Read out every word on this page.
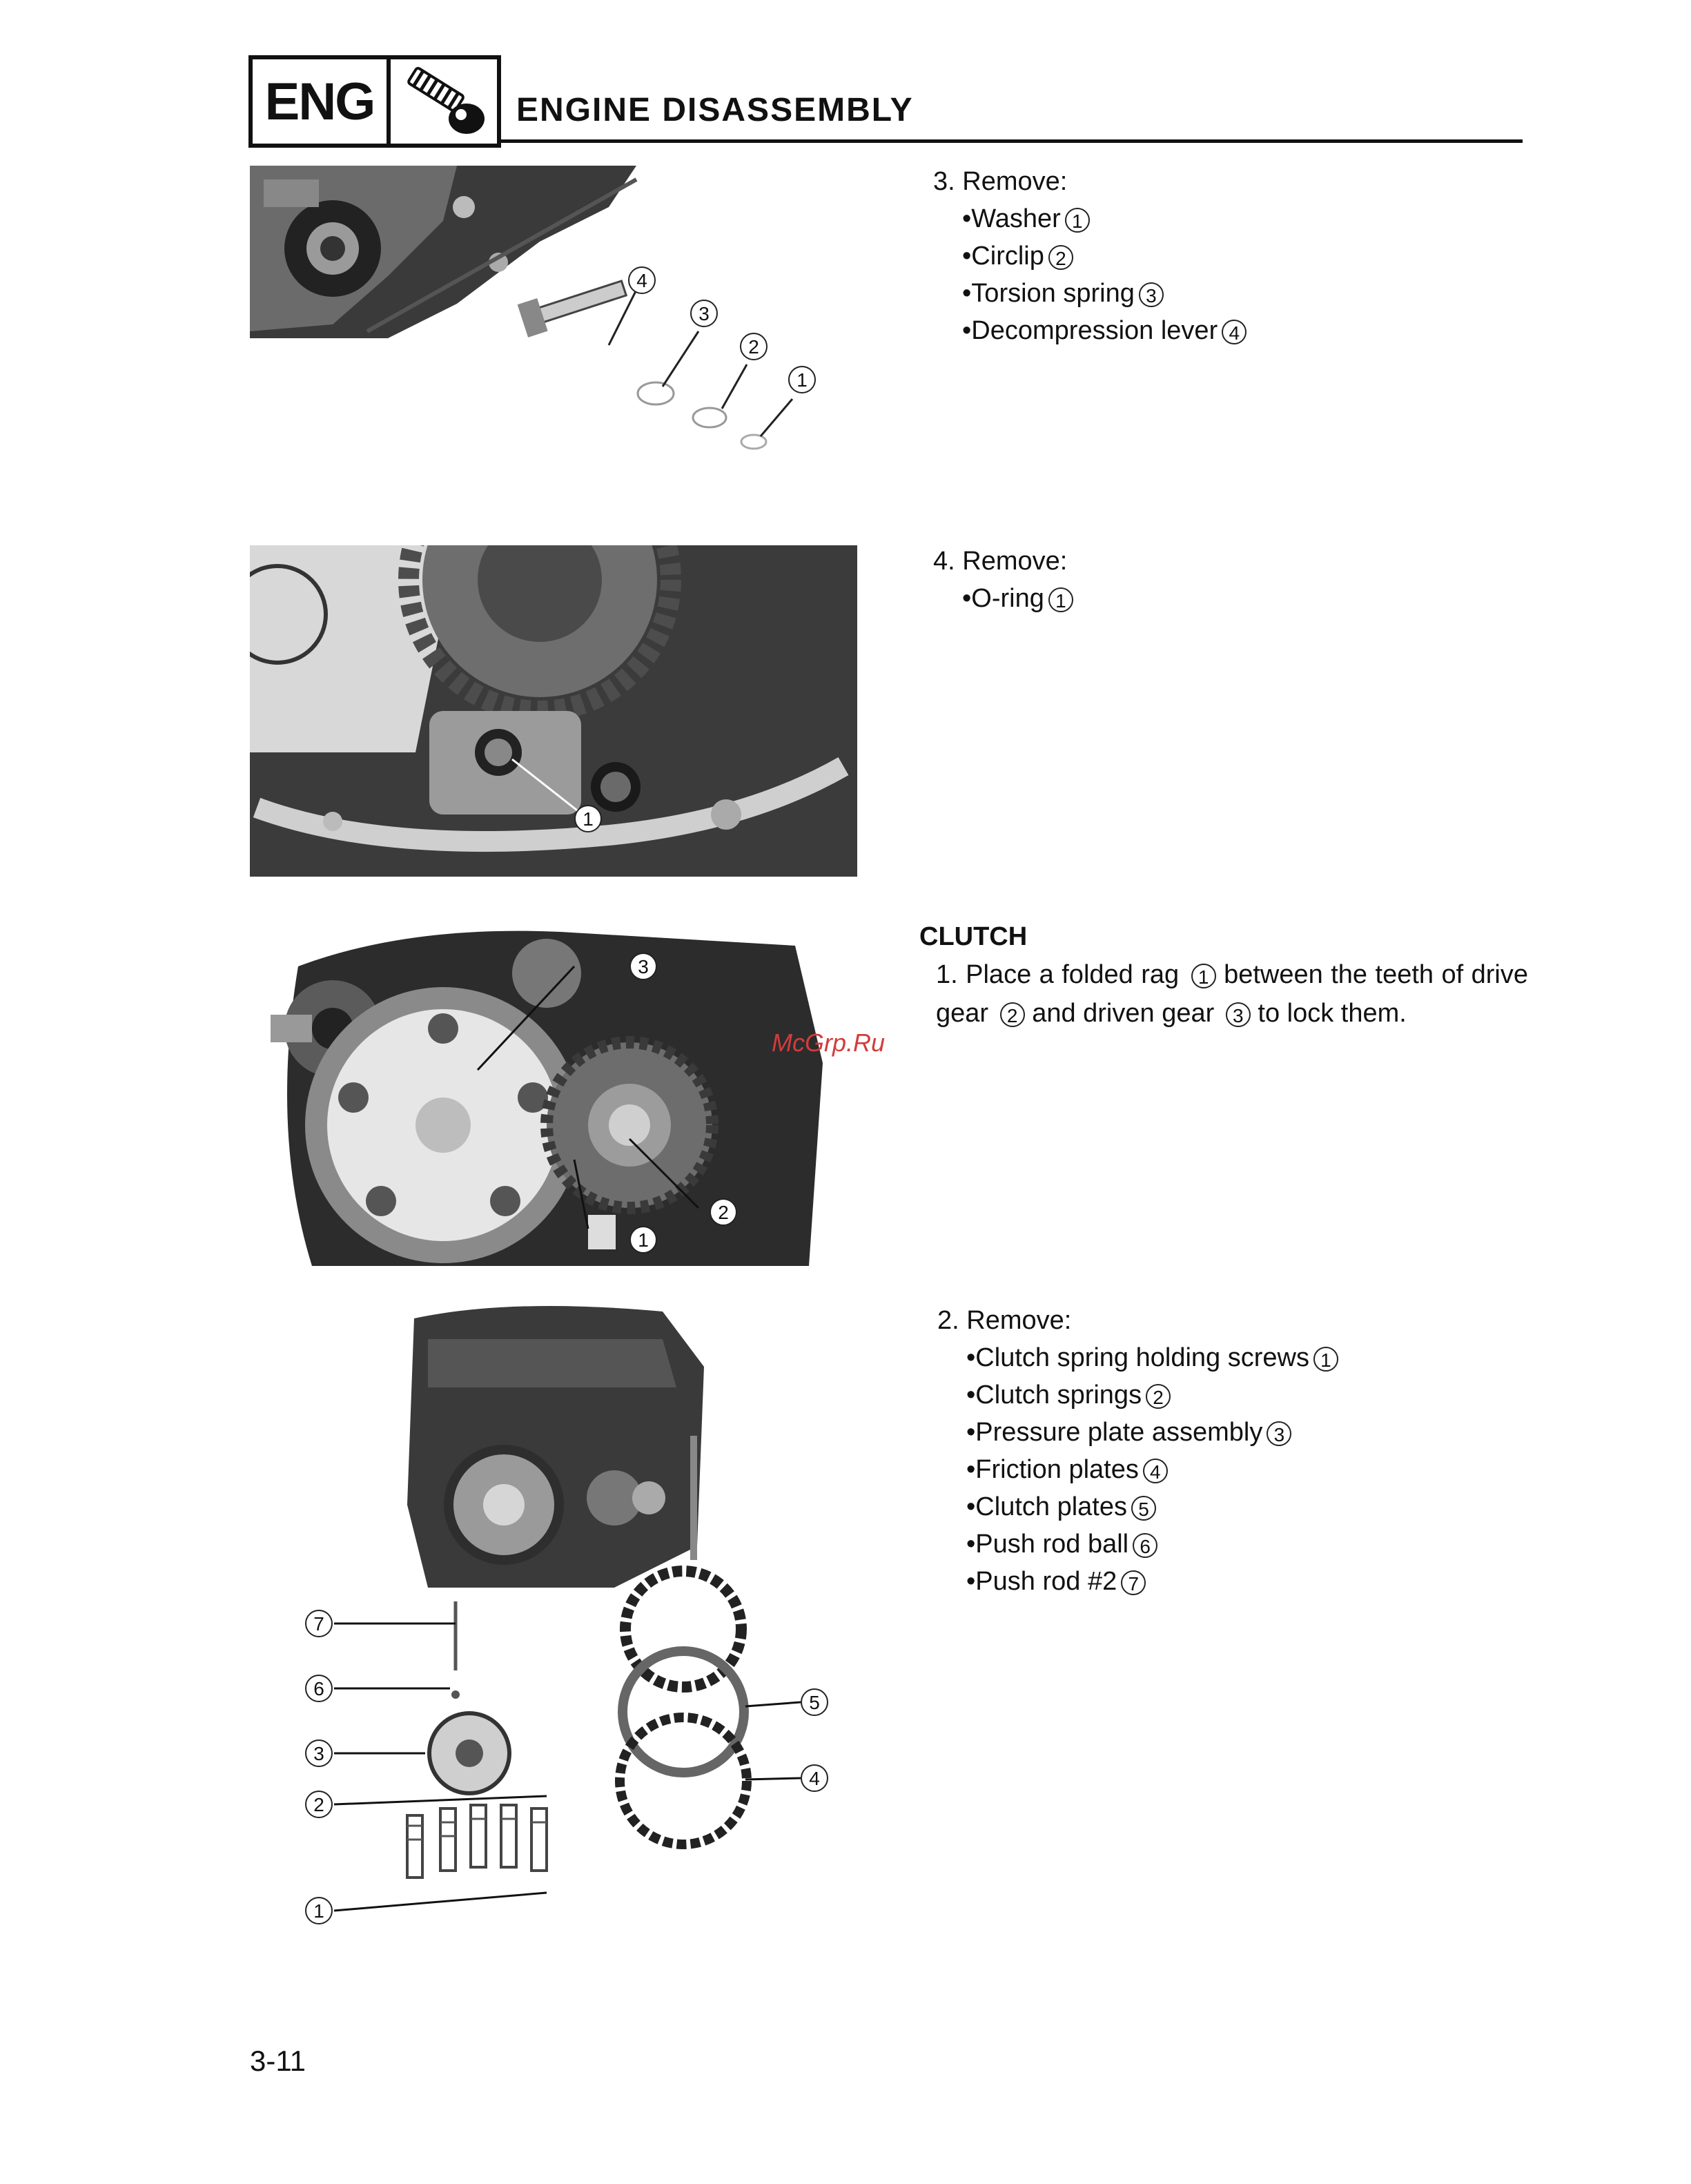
ENG	ENGINE DISASSEMBLY
4
3
2
1
3. Remove:
•Washer 1
•Circlip 2
•Torsion spring 3
•Decompression lever 4
1
4. Remove:
•O-ring 1
3
2
1
McGrp.Ru
CLUTCH
1. Place a folded rag 1 between the teeth of drive gear 2 and driven gear 3 to lock them.
7
6
3
2
1
5
4
2. Remove:
•Clutch spring holding screws 1
•Clutch springs 2
•Pressure plate assembly 3
•Friction plates 4
•Clutch plates 5
•Push rod ball 6
•Push rod #2 7
3-11
